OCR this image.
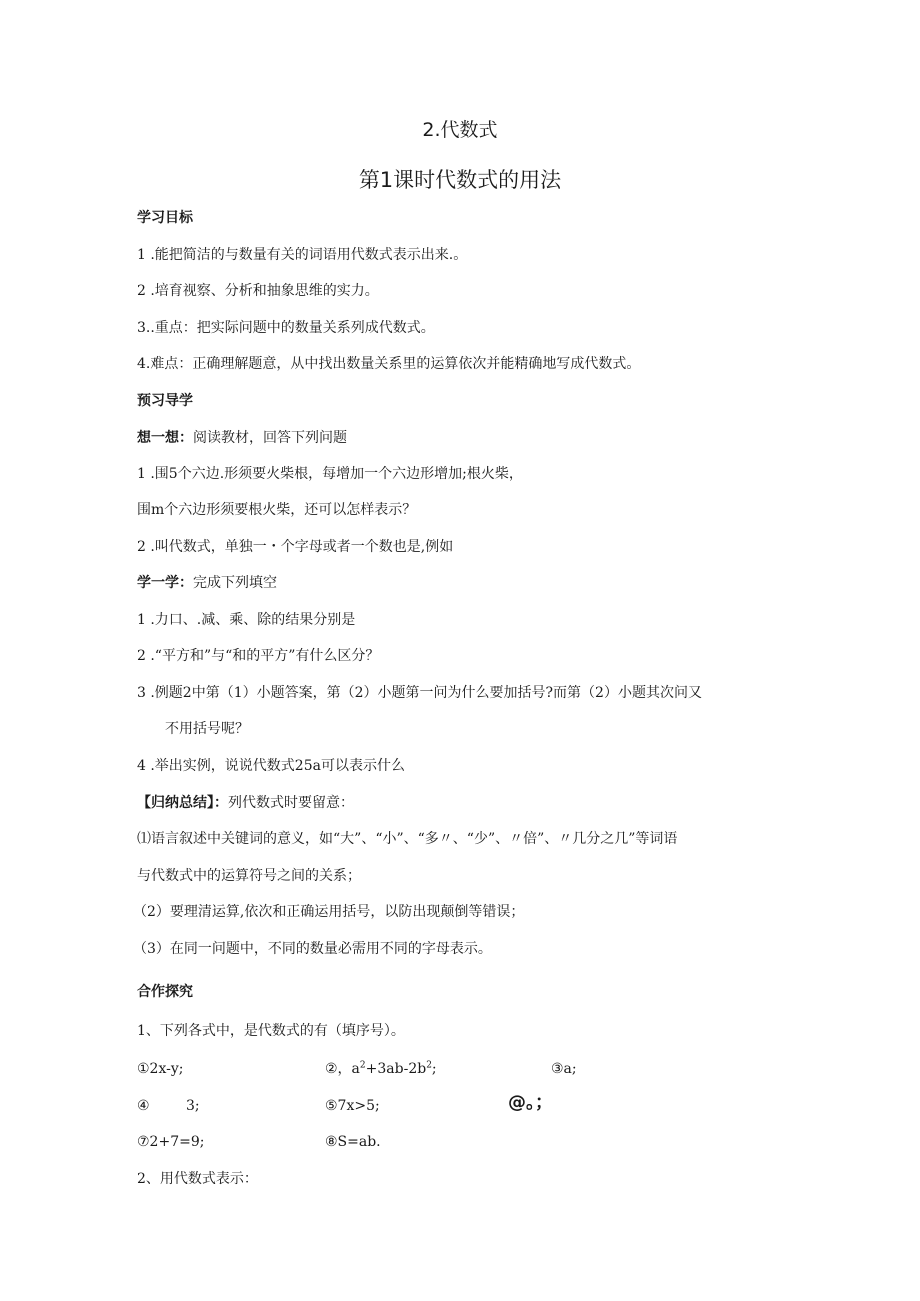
2.代数式
第1课时代数式的用法
学习目标
1 .能把简洁的与数量有关的词语用代数式表示出来.。
2 .培育视察、分析和抽象思维的实力。
3..重点：把实际问题中的数量关系列成代数式。
4.难点：正确理解题意，从中找出数量关系里的运算依次并能精确地写成代数式。
预习导学
想一想：阅读教材，回答下列问题
1 .围5个六边.形须要火柴根，每增加一个六边形增加;根火柴，
围m个六边形须要根火柴，还可以怎样表示？
2 .叫代数式，单独一・个字母或者一个数也是,例如
学一学：完成下列填空
1 .力口、.减、乘、除的结果分别是
2 .“平方和”与“和的平方”有什么区分？
3 .例题2中第（1）小题答案，第（2）小题第一问为什么要加括号?而第（2）小题其次问又
不用括号呢？
4 .举出实例，说说代数式25a可以表示什么
【归纳总结】：列代数式时要留意：
⑴语言叙述中关键词的意义，如“大”、“小”、“多〃、“少”、〃倍”、〃几分之几”等词语
与代数式中的运算符号之间的关系；
（2）要理清运算,依次和正确运用括号，以防出现颠倒等错误；
（3）在同一问题中，不同的数量必需用不同的字母表示。
合作探究
1、下列各式中，是代数式的有（填序号）。
①2x-y;	②，$a^2+3ab-2b^2$;	③a;
④	3;	⑤7x>5;	@。；
⑦2+7=9;	⑧S=ab.
2、用代数式表示：
